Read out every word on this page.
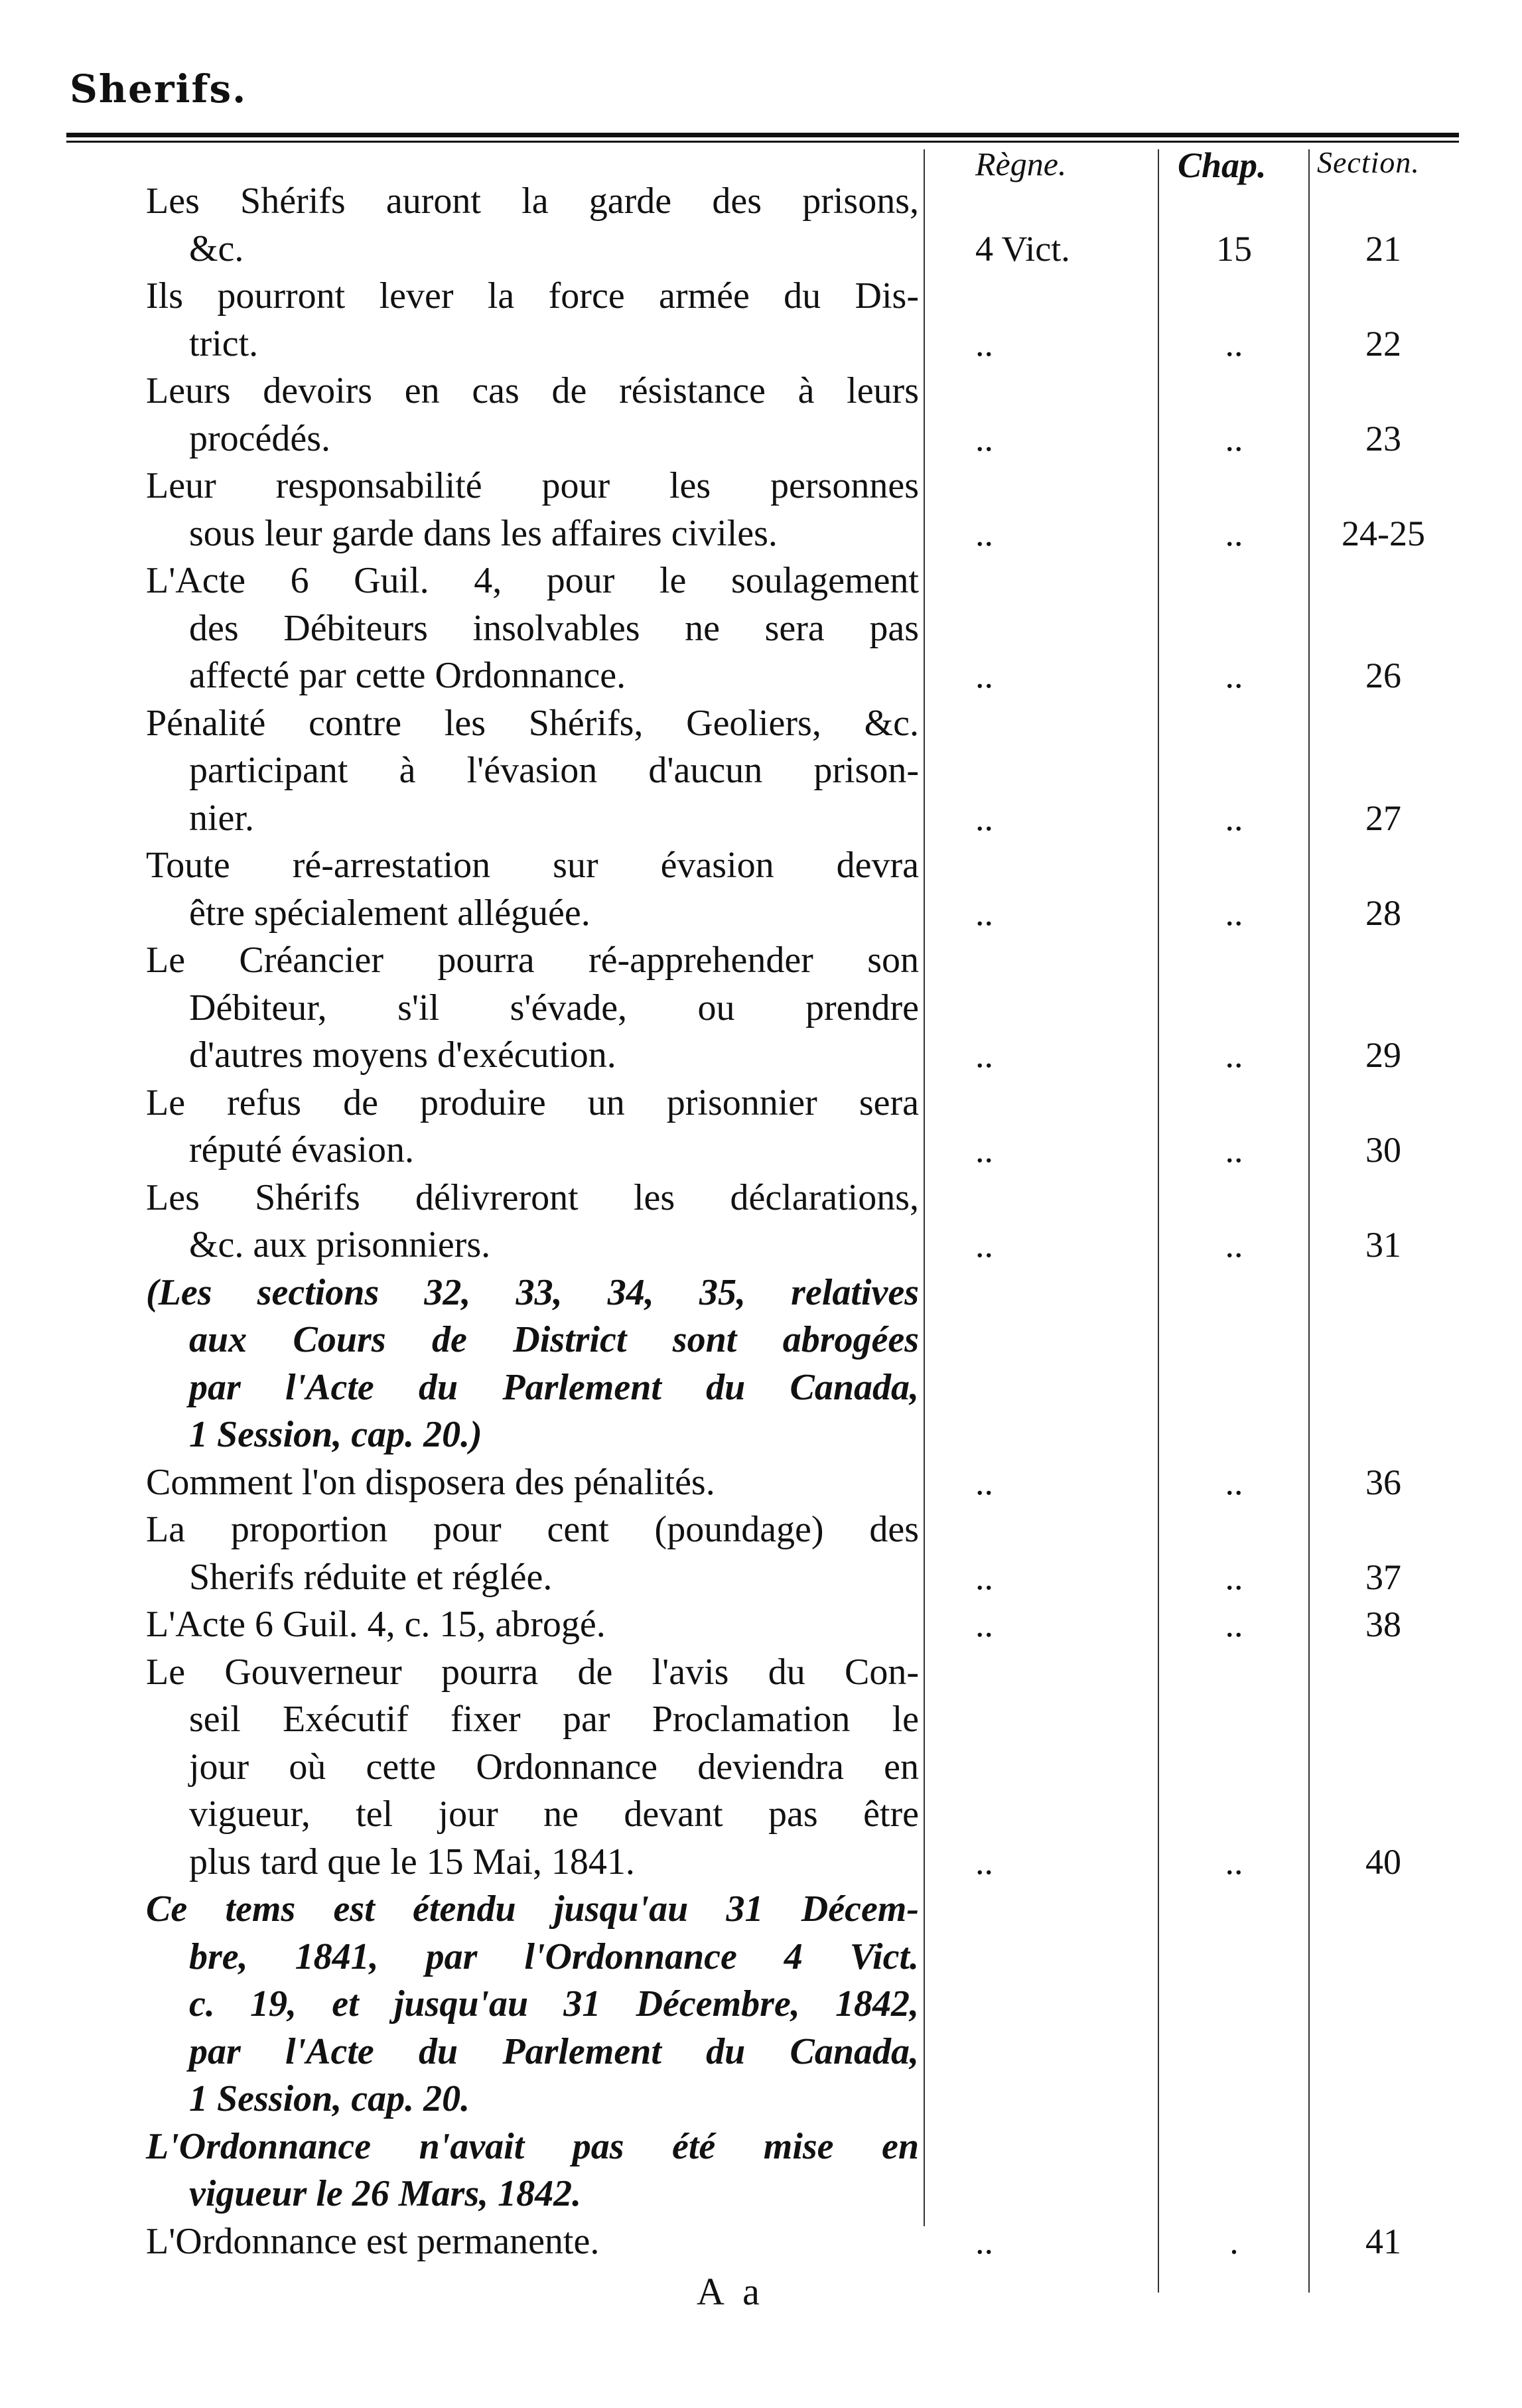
Sherifs.
Règne.	Chap. Section.
Les Shérifs auront la garde des prisons,
&c.	4 Vict.	15	21
Ils pourront lever la force armée du Dis-
trict.	..	..	22
Leurs devoirs en cas de résistance à leurs
procédés.	..	..	23
Leur responsabilité pour les personnes
sous leur garde dans les affaires civiles.	..	..	24-25
L'Acte 6 Guil. 4, pour le soulagement
des Débiteurs insolvables ne sera pas
affecté par cette Ordonnance.	..	..	26
Pénalité contre les Shérifs, Geoliers, &c.
participant à l'évasion d'aucun prison-
nier.	..	..	27
Toute ré-arrestation sur évasion devra
être spécialement alléguée.	..	..	28
Le Créancier pourra ré-apprehender son
Débiteur, s'il s'évade, ou prendre
d'autres moyens d'exécution.	..	..	29
Le refus de produire un prisonnier sera
réputé évasion.	..	..	30
Les Shérifs délivreront les déclarations,
&c. aux prisonniers.	..	..	31
(Les sections 32, 33, 34, 35, relatives
aux Cours de District sont abrogées
par l'Acte du Parlement du Canada,
1 Session, cap. 20.)
Comment l'on disposera des pénalités.	..	..	36
La proportion pour cent (poundage) des
Sherifs réduite et réglée.	..	..	37
L'Acte 6 Guil. 4, c. 15, abrogé.	..	..	38
Le Gouverneur pourra de l'avis du Con-
seil Exécutif fixer par Proclamation le
jour où cette Ordonnance deviendra en
vigueur, tel jour ne devant pas être
plus tard que le 15 Mai, 1841.	..	..	40
Ce tems est étendu jusqu'au 31 Décem-
bre, 1841, par l'Ordonnance 4 Vict.
c. 19, et jusqu'au 31 Décembre, 1842,
par l'Acte du Parlement du Canada,
1 Session, cap. 20.
L'Ordonnance n'avait pas été mise en
vigueur le 26 Mars, 1842.
L'Ordonnance est permanente.	..	.	41
A a
